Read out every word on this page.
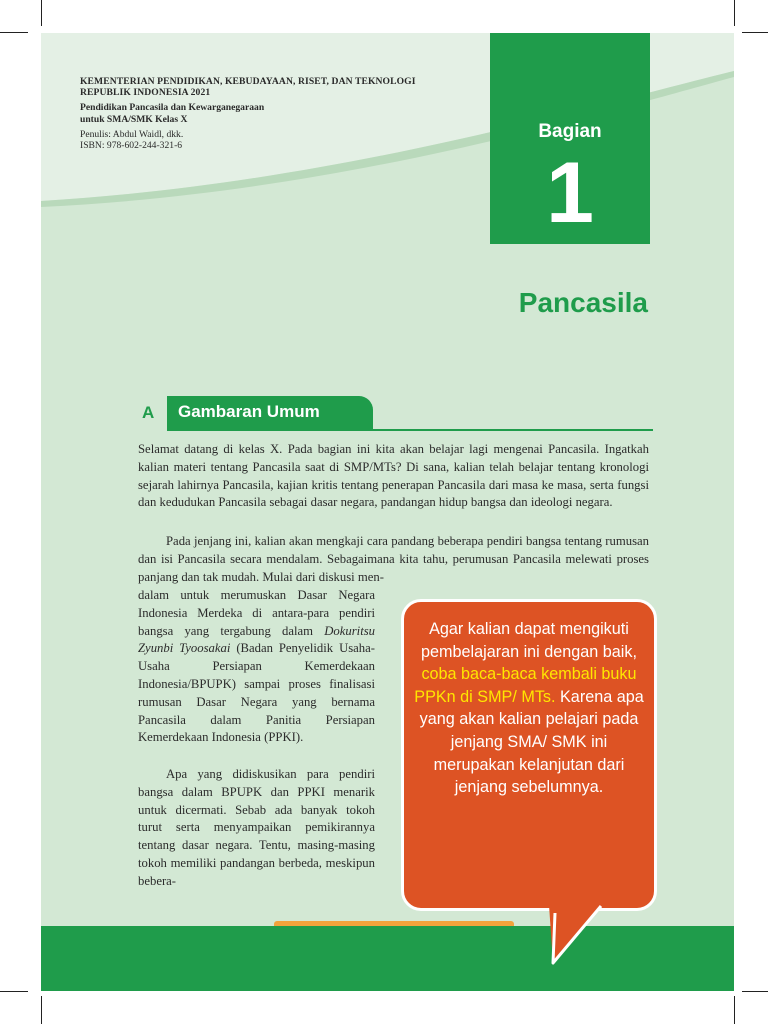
KEMENTERIAN PENDIDIKAN, KEBUDAYAAN, RISET, DAN TEKNOLOGI
REPUBLIK INDONESIA 2021
Pendidikan Pancasila dan Kewarganegaraan
untuk SMA/SMK Kelas X
Penulis: Abdul Waidl, dkk.
ISBN: 978-602-244-321-6
Bagian
1
Pancasila
A Gambaran Umum

Selamat datang di kelas X. Pada bagian ini kita akan belajar lagi mengenai Pancasila. Ingatkah kalian materi tentang Pancasila saat di SMP/MTs? Di sana, kalian telah belajar tentang kronologi sejarah lahirnya Pancasila, kajian kritis tentang penerapan Pancasila dari masa ke masa, serta fungsi dan kedudukan Pancasila sebagai dasar negara, pandangan hidup bangsa dan ideologi negara.

Pada jenjang ini, kalian akan mengkaji cara pandang beberapa pendiri bangsa tentang rumusan dan isi Pancasila secara mendalam. Sebagaimana kita tahu, perumusan Pancasila melewati proses panjang dan tak mudah. Mulai dari diskusi men-

dalam untuk merumuskan Dasar Negara Indonesia Merdeka di antara-para pendiri bangsa yang tergabung dalam Dokuritsu Zyunbi Tyoosakai (Badan Penyelidik Usaha-Usaha Persiapan Kemerdekaan Indonesia/BPUPK) sampai proses finalisasi rumusan Dasar Negara yang bernama Pancasila dalam Panitia Persiapan Kemerdekaan Indonesia (PPKI).

Apa yang didiskusikan para pendiri bangsa dalam BPUPK dan PPKI menarik untuk dicermati. Sebab ada banyak tokoh turut serta menyampaikan pemikirannya tentang dasar negara. Tentu, masing-masing tokoh memiliki pandangan berbeda, meskipun bebera-

Agar kalian dapat mengikuti pembelajaran ini dengan baik, coba baca-baca kembali buku PPKn di SMP/ MTs. Karena apa yang akan kalian pelajari pada jenjang SMA/ SMK ini merupakan kelanjutan dari jenjang sebelumnya.
